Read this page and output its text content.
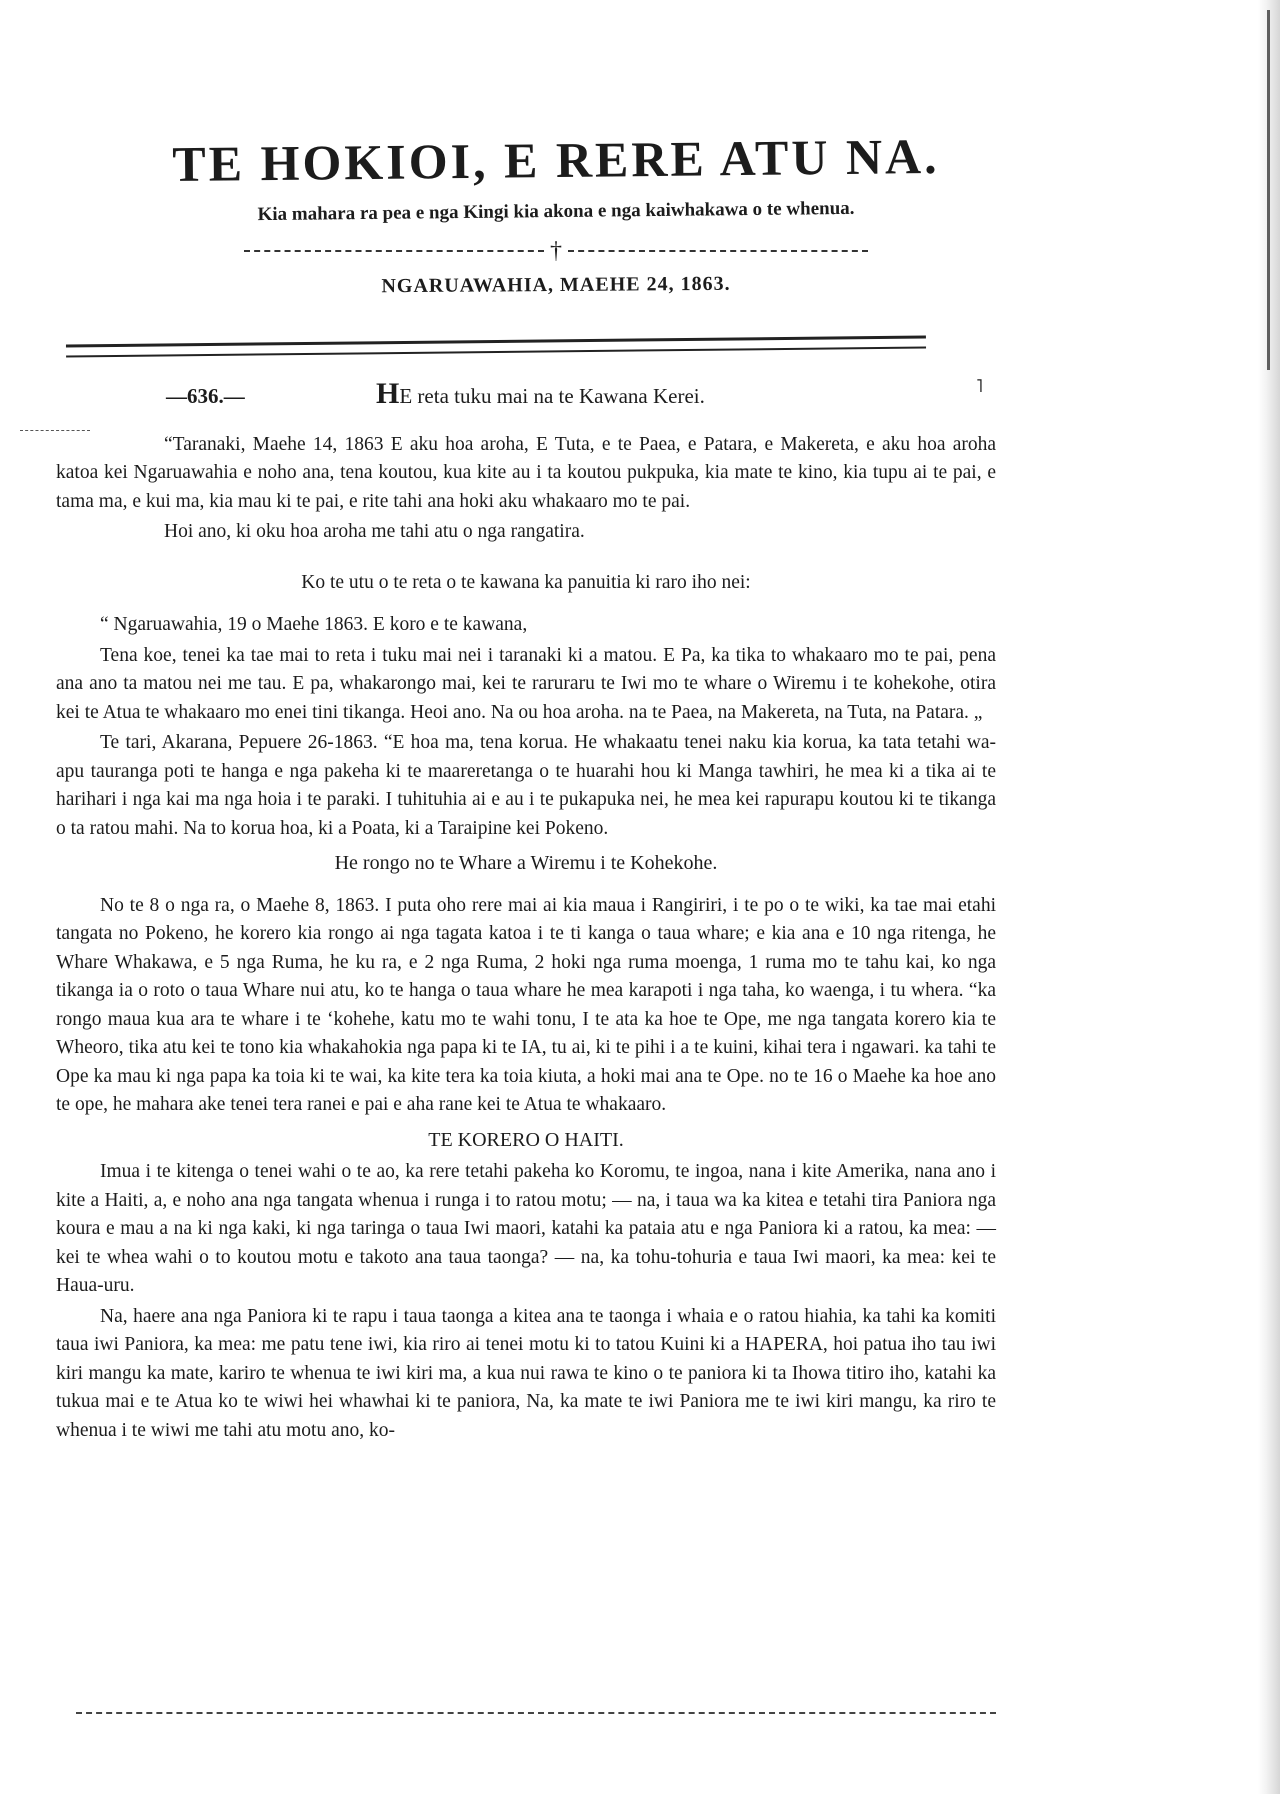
TE HOKIOI, E RERE ATU NA.
Kia mahara ra pea e nga Kingi kia akona e nga kaiwhakawa o te whenua.
†
NGARUAWAHIA, MAEHE 24, 1863.
˥
—636.—	HE reta tuku mai na te Kawana Kerei.

“Taranaki, Maehe 14, 1863 E aku hoa aroha, E Tuta, e te Paea, e Patara, e Makereta, e aku hoa aroha katoa kei Ngaruawahia e noho ana, tena koutou, kua kite au i ta koutou pukpuka, kia mate te kino, kia tupu ai te pai, e tama ma, e kui ma, kia mau ki te pai, e rite tahi ana hoki aku whakaaro mo te pai.

Hoi ano, ki oku hoa aroha me tahi atu o nga rangatira.

Ko te utu o te reta o te kawana ka panuitia ki raro iho nei:

“ Ngaruawahia, 19 o Maehe 1863. E koro e te kawana,

Tena koe, tenei ka tae mai to reta i tuku mai nei i taranaki ki a matou. E Pa, ka tika to whakaaro mo te pai, pena ana ano ta matou nei me tau. E pa, whakarongo mai, kei te raruraru te Iwi mo te whare o Wiremu i te kohekohe, otira kei te Atua te whakaaro mo enei tini tikanga. Heoi ano. Na ou hoa aroha. na te Paea, na Makereta, na Tuta, na Patara. „

Te tari, Akarana, Pepuere 26-1863. “E hoa ma, tena korua. He whakaatu tenei naku kia korua, ka tata tetahi wa-apu tauranga poti te hanga e nga pakeha ki te maareretanga o te huarahi hou ki Manga tawhiri, he mea ki a tika ai te harihari i nga kai ma nga hoia i te paraki. I tuhituhia ai e au i te pukapuka nei, he mea kei rapurapu koutou ki te tikanga o ta ratou mahi. Na to korua hoa, ki a Poata, ki a Taraipine kei Pokeno.

He rongo no te Whare a Wiremu i te Kohekohe.

No te 8 o nga ra, o Maehe 8, 1863. I puta oho rere mai ai kia maua i Rangiriri, i te po o te wiki, ka tae mai etahi tangata no Pokeno, he korero kia rongo ai nga tagata katoa i te ti kanga o taua whare; e kia ana e 10 nga ritenga, he Whare Whakawa, e 5 nga Ruma, he ku ra, e 2 nga Ruma, 2 hoki nga ruma moenga, 1 ruma mo te tahu kai, ko nga tikanga ia o roto o taua Whare nui atu, ko te hanga o taua whare he mea karapoti i nga taha, ko waenga, i tu whera. “ka rongo maua kua ara te whare i te ‘kohehe, katu mo te wahi tonu, I te ata ka hoe te Ope, me nga tangata korero kia te Wheoro, tika atu kei te tono kia whakahokia nga papa ki te IA, tu ai, ki te pihi i a te kuini, kihai tera i ngawari. ka tahi te Ope ka mau ki nga papa ka toia ki te wai, ka kite tera ka toia kiuta, a hoki mai ana te Ope. no te 16 o Maehe ka hoe ano te ope, he mahara ake tenei tera ranei e pai e aha rane kei te Atua te whakaaro.

TE KORERO O HAITI.

Imua i te kitenga o tenei wahi o te ao, ka rere tetahi pakeha ko Koromu, te ingoa, nana i kite Amerika, nana ano i kite a Haiti, a, e noho ana nga tangata whenua i runga i to ratou motu; — na, i taua wa ka kitea e tetahi tira Paniora nga koura e mau a na ki nga kaki, ki nga taringa o taua Iwi maori, katahi ka pataia atu e nga Paniora ki a ratou, ka mea: —kei te whea wahi o to koutou motu e takoto ana taua taonga? — na, ka tohu-tohuria e taua Iwi maori, ka mea: kei te Haua-uru.

Na, haere ana nga Paniora ki te rapu i taua taonga a kitea ana te taonga i whaia e o ratou hiahia, ka tahi ka komiti taua iwi Paniora, ka mea: me patu tene iwi, kia riro ai tenei motu ki to tatou Kuini ki a HAPERA, hoi patua iho tau iwi kiri mangu ka mate, kariro te whenua te iwi kiri ma, a kua nui rawa te kino o te paniora ki ta Ihowa titiro iho, katahi ka tukua mai e te Atua ko te wiwi hei whawhai ki te paniora, Na, ka mate te iwi Paniora me te iwi kiri mangu, ka riro te whenua i te wiwi me tahi atu motu ano, ko-
